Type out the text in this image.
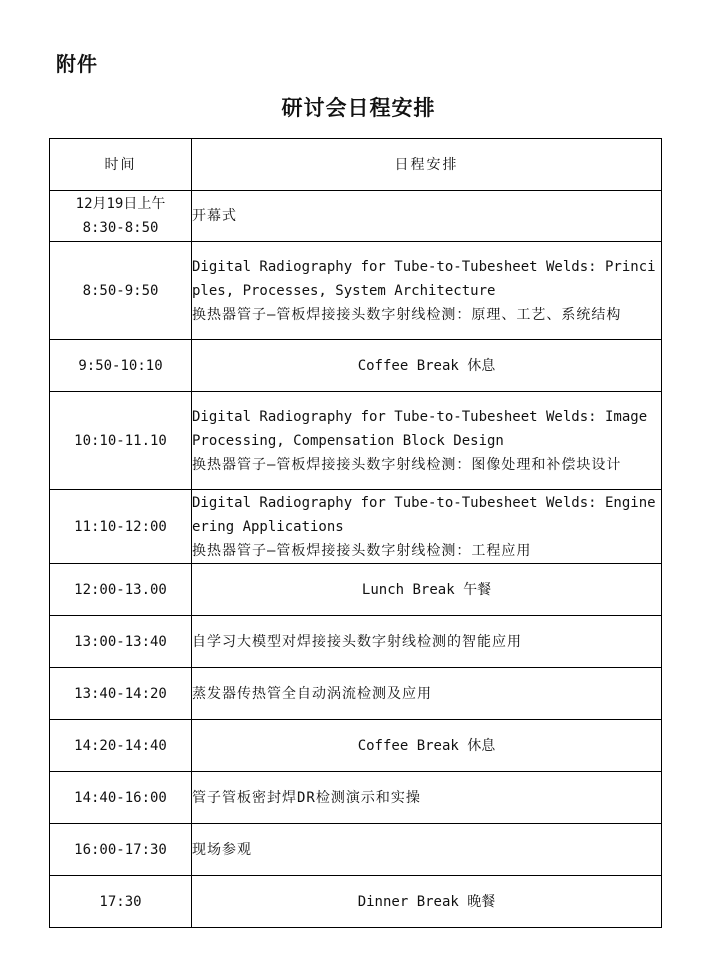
附件
研讨会日程安排
时间	日程安排

12月19日上午
8:30-8:50	开幕式

8:50-9:50	Digital Radiography for Tube-to-Tubesheet Welds: Principles, Processes, System Architecture
换热器管子—管板焊接接头数字射线检测：原理、工艺、系统结构

9:50-10:10	Coffee Break 休息

10:10-11.10	Digital Radiography for Tube-to-Tubesheet Welds: Image Processing, Compensation Block Design
换热器管子—管板焊接接头数字射线检测：图像处理和补偿块设计

11:10-12:00	Digital Radiography for Tube-to-Tubesheet Welds: Engineering Applications
换热器管子—管板焊接接头数字射线检测：工程应用

12:00-13.00	Lunch Break 午餐

13:00-13:40	自学习大模型对焊接接头数字射线检测的智能应用

13:40-14:20	蒸发器传热管全自动涡流检测及应用

14:20-14:40	Coffee Break 休息

14:40-16:00	管子管板密封焊DR检测演示和实操

16:00-17:30	现场参观

17:30	Dinner Break 晚餐
